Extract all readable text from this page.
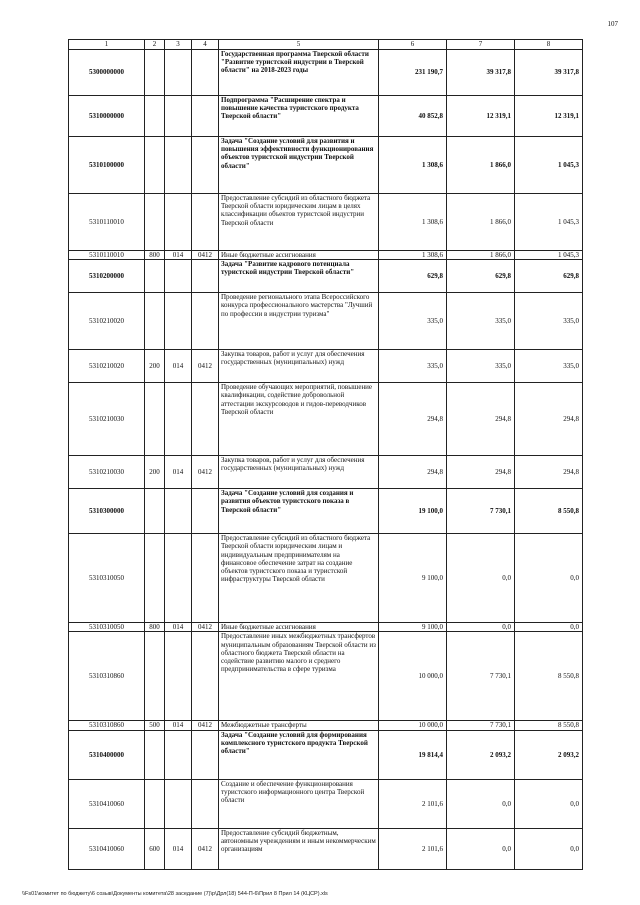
107
1	2	3	4	5	6	7	8
5300000000				Государственная программа Тверской области "Развитие туристской индустрии в Тверской области" на 2018-2023 годы	231 190,7	39 317,8	39 317,8
5310000000				Подпрограмма "Расширение спектра и повышение качества туристского продукта Тверской области"	40 852,8	12 319,1	12 319,1
5310100000				Задача "Создание условий для развития и повышения эффективности функционирования объектов туристской индустрии Тверской области"	1 308,6	1 866,0	1 045,3
5310110010				Предоставление субсидий из областного бюджета Тверской области юридическим лицам в целях классификации объектов туристской индустрии Тверской области	1 308,6	1 866,0	1 045,3
5310110010	800	014	0412	Иные бюджетные ассигнования	1 308,6	1 866,0	1 045,3
5310200000				Задача "Развитие кадрового потенциала туристской индустрии Тверской области"	629,8	629,8	629,8
5310210020				Проведение регионального этапа Всероссийского конкурса профессионального мастерства "Лучший по профессии в индустрии туризма"	335,0	335,0	335,0
5310210020	200	014	0412	Закупка товаров, работ и услуг для обеспечения государственных (муниципальных) нужд	335,0	335,0	335,0
5310210030				Проведение обучающих мероприятий, повышение квалификации, содействие добровольной аттестации экскурсоводов и гидов-переводчиков Тверской области	294,8	294,8	294,8
5310210030	200	014	0412	Закупка товаров, работ и услуг для обеспечения государственных (муниципальных) нужд	294,8	294,8	294,8
5310300000				Задача "Создание условий для создания и развития объектов туристского показа в Тверской области"	19 100,0	7 730,1	8 550,8
5310310050				Предоставление субсидий из областного бюджета Тверской области юридическим лицам и индивидуальным предпринимателям на финансовое обеспечение затрат на создание объектов туристского показа и туристской инфраструктуры Тверской области	9 100,0	0,0	0,0
5310310050	800	014	0412	Иные бюджетные ассигнования	9 100,0	0,0	0,0
5310310860				Предоставление иных межбюджетных трансфертов муниципальным образованиям Тверской области из областного бюджета Тверской области на содействие развитию малого и среднего предпринимательства в сфере туризма	10 000,0	7 730,1	8 550,8
5310310860	500	014	0412	Межбюджетные трансферты	10 000,0	7 730,1	8 550,8
5310400000				Задача "Создание условий для формирования комплексного туристского продукта Тверской области"	19 814,4	2 093,2	2 093,2
5310410060				Создание и обеспечение функционирования туристского информационного центра Тверской области	2 101,6	0,0	0,0
5310410060	600	014	0412	Предоставление субсидий бюджетным, автономным учреждениям и иным некоммерческим организациям	2 101,6	0,0	0,0
\\Fs01\комитет по бюджету\6 созыв\Документы комитета\28 заседание (7)\р\Дрл(18) 544-П-6\Прил 8 Прил 14 (КЦСР).xls
